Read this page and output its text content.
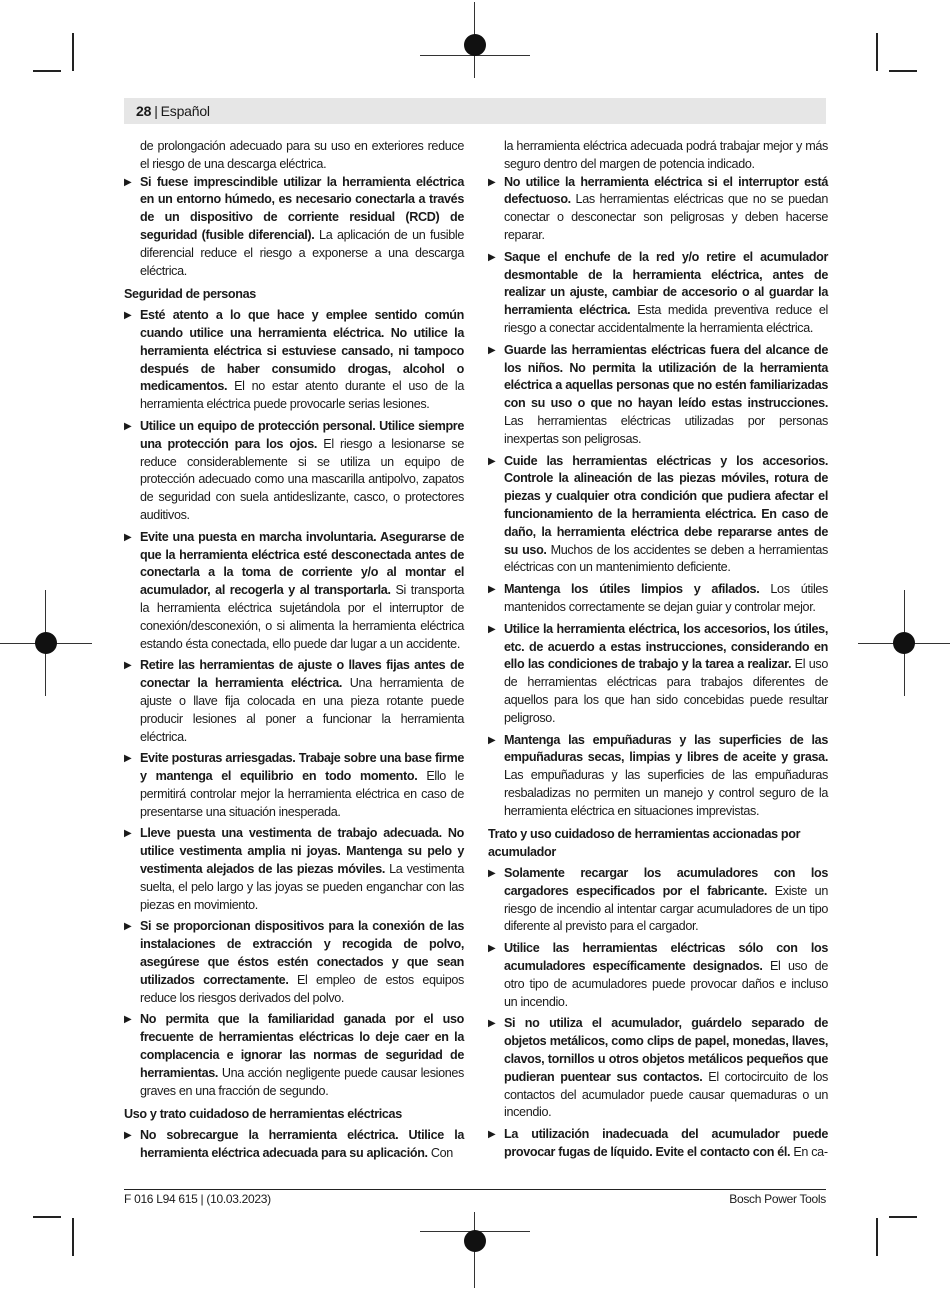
28 | Español

de prolongación adecuado para su uso en exteriores reduce el riesgo de una descarga eléctrica.

▶ Si fuese imprescindible utilizar la herramienta eléctrica en un entorno húmedo, es necesario conectarla a través de un dispositivo de corriente residual (RCD) de seguridad (fusible diferencial). La aplicación de un fusible diferencial reduce el riesgo a exponerse a una descarga eléctrica.
Seguridad de personas
▶ Esté atento a lo que hace y emplee sentido común cuando utilice una herramienta eléctrica. No utilice la herramienta eléctrica si estuviese cansado, ni tampoco después de haber consumido drogas, alcohol o medicamentos. El no estar atento durante el uso de la herramienta eléctrica puede provocarle serias lesiones.
▶ Utilice un equipo de protección personal. Utilice siempre una protección para los ojos. El riesgo a lesionarse se reduce considerablemente si se utiliza un equipo de protección adecuado como una mascarilla antipolvo, zapatos de seguridad con suela antideslizante, casco, o protectores auditivos.
▶ Evite una puesta en marcha involuntaria. Asegurarse de que la herramienta eléctrica esté desconectada antes de conectarla a la toma de corriente y/o al montar el acumulador, al recogerla y al transportarla. Si transporta la herramienta eléctrica sujetándola por el interruptor de conexión/desconexión, o si alimenta la herramienta eléctrica estando ésta conectada, ello puede dar lugar a un accidente.
▶ Retire las herramientas de ajuste o llaves fijas antes de conectar la herramienta eléctrica. Una herramienta de ajuste o llave fija colocada en una pieza rotante puede producir lesiones al poner a funcionar la herramienta eléctrica.
▶ Evite posturas arriesgadas. Trabaje sobre una base firme y mantenga el equilibrio en todo momento. Ello le permitirá controlar mejor la herramienta eléctrica en caso de presentarse una situación inesperada.
▶ Lleve puesta una vestimenta de trabajo adecuada. No utilice vestimenta amplia ni joyas. Mantenga su pelo y vestimenta alejados de las piezas móviles. La vestimenta suelta, el pelo largo y las joyas se pueden enganchar con las piezas en movimiento.
▶ Si se proporcionan dispositivos para la conexión de las instalaciones de extracción y recogida de polvo, asegúrese que éstos estén conectados y que sean utilizados correctamente. El empleo de estos equipos reduce los riesgos derivados del polvo.
▶ No permita que la familiaridad ganada por el uso frecuente de herramientas eléctricas lo deje caer en la complacencia e ignorar las normas de seguridad de herramientas. Una acción negligente puede causar lesiones graves en una fracción de segundo.
Uso y trato cuidadoso de herramientas eléctricas
▶ No sobrecargue la herramienta eléctrica. Utilice la herramienta eléctrica adecuada para su aplicación. Con

la herramienta eléctrica adecuada podrá trabajar mejor y más seguro dentro del margen de potencia indicado.

▶ No utilice la herramienta eléctrica si el interruptor está defectuoso. Las herramientas eléctricas que no se puedan conectar o desconectar son peligrosas y deben hacerse reparar.
▶ Saque el enchufe de la red y/o retire el acumulador desmontable de la herramienta eléctrica, antes de realizar un ajuste, cambiar de accesorio o al guardar la herramienta eléctrica. Esta medida preventiva reduce el riesgo a conectar accidentalmente la herramienta eléctrica.
▶ Guarde las herramientas eléctricas fuera del alcance de los niños. No permita la utilización de la herramienta eléctrica a aquellas personas que no estén familiarizadas con su uso o que no hayan leído estas instrucciones. Las herramientas eléctricas utilizadas por personas inexpertas son peligrosas.
▶ Cuide las herramientas eléctricas y los accesorios. Controle la alineación de las piezas móviles, rotura de piezas y cualquier otra condición que pudiera afectar el funcionamiento de la herramienta eléctrica. En caso de daño, la herramienta eléctrica debe repararse antes de su uso. Muchos de los accidentes se deben a herramientas eléctricas con un mantenimiento deficiente.
▶ Mantenga los útiles limpios y afilados. Los útiles mantenidos correctamente se dejan guiar y controlar mejor.
▶ Utilice la herramienta eléctrica, los accesorios, los útiles, etc. de acuerdo a estas instrucciones, considerando en ello las condiciones de trabajo y la tarea a realizar. El uso de herramientas eléctricas para trabajos diferentes de aquellos para los que han sido concebidas puede resultar peligroso.
▶ Mantenga las empuñaduras y las superficies de las empuñaduras secas, limpias y libres de aceite y grasa. Las empuñaduras y las superficies de las empuñaduras resbaladizas no permiten un manejo y control seguro de la herramienta eléctrica en situaciones imprevistas.
Trato y uso cuidadoso de herramientas accionadas por acumulador
▶ Solamente recargar los acumuladores con los cargadores especificados por el fabricante. Existe un riesgo de incendio al intentar cargar acumuladores de un tipo diferente al previsto para el cargador.
▶ Utilice las herramientas eléctricas sólo con los acumuladores específicamente designados. El uso de otro tipo de acumuladores puede provocar daños e incluso un incendio.
▶ Si no utiliza el acumulador, guárdelo separado de objetos metálicos, como clips de papel, monedas, llaves, clavos, tornillos u otros objetos metálicos pequeños que pudieran puentear sus contactos. El cortocircuito de los contactos del acumulador puede causar quemaduras o un incendio.
▶ La utilización inadecuada del acumulador puede provocar fugas de líquido. Evite el contacto con él. En ca-
F 016 L94 615 | (10.03.2023)	Bosch Power Tools
